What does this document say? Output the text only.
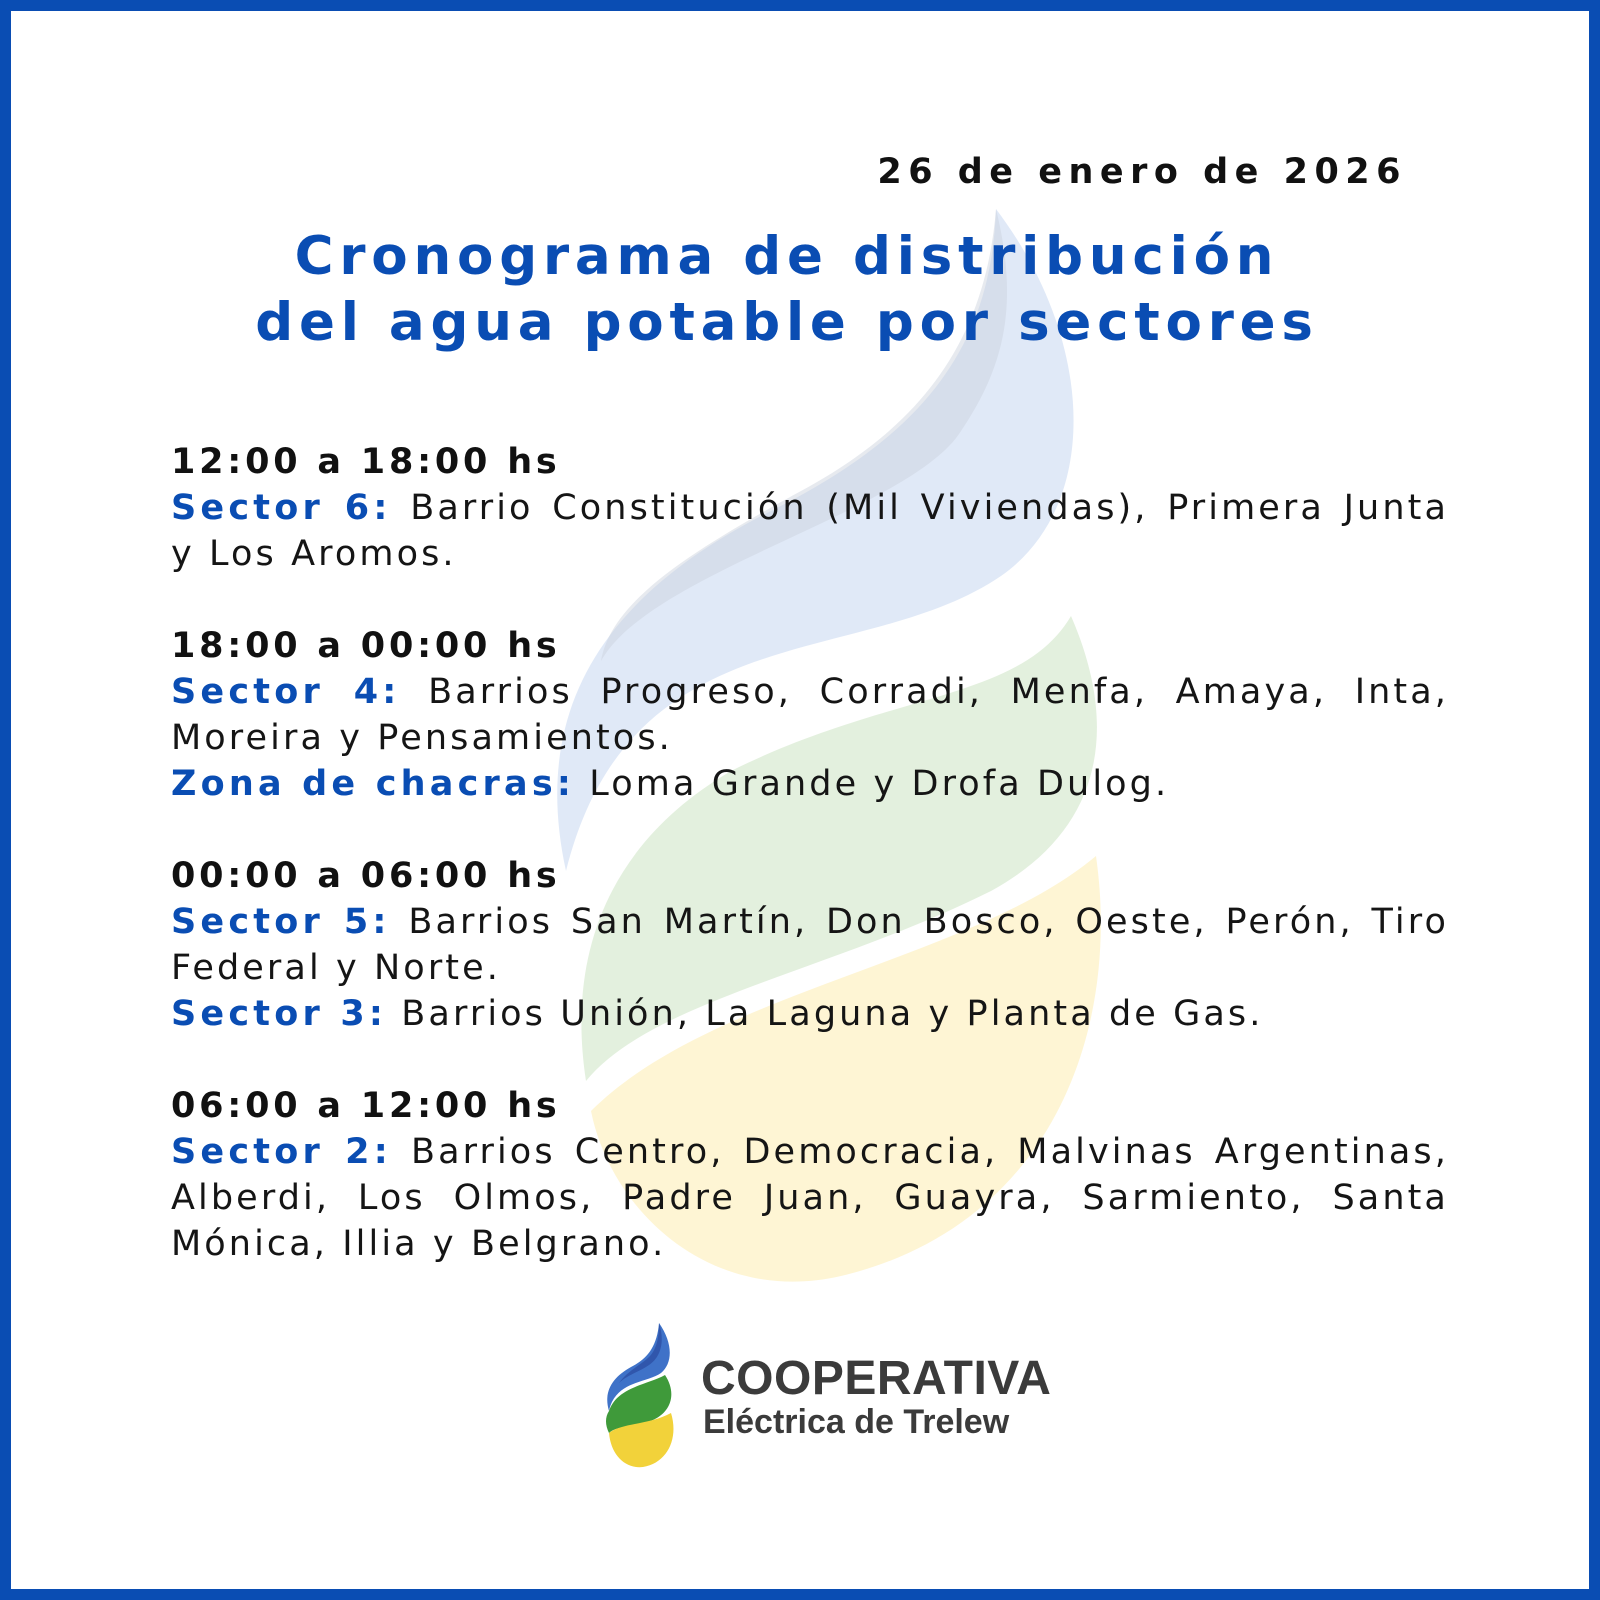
26 de enero de 2026

Cronograma de distribución
del agua potable por sectores
12:00 a 18:00 hs
Sector 6: Barrio Constitución (Mil Viviendas), Primera Junta y Los Aromos.
18:00 a 00:00 hs
Sector 4: Barrios Progreso, Corradi, Menfa, Amaya, Inta, Moreira y Pensamientos.
Zona de chacras: Loma Grande y Drofa Dulog.
00:00 a 06:00 hs
Sector 5: Barrios San Martín, Don Bosco, Oeste, Perón, Tiro Federal y Norte.
Sector 3: Barrios Unión, La Laguna y Planta de Gas.
06:00 a 12:00 hs
Sector 2: Barrios Centro, Democracia, Malvinas Argentinas, Alberdi, Los Olmos, Padre Juan, Guayra, Sarmiento, Santa Mónica, Illia y Belgrano.

COOPERATIVA

Eléctrica de Trelew
